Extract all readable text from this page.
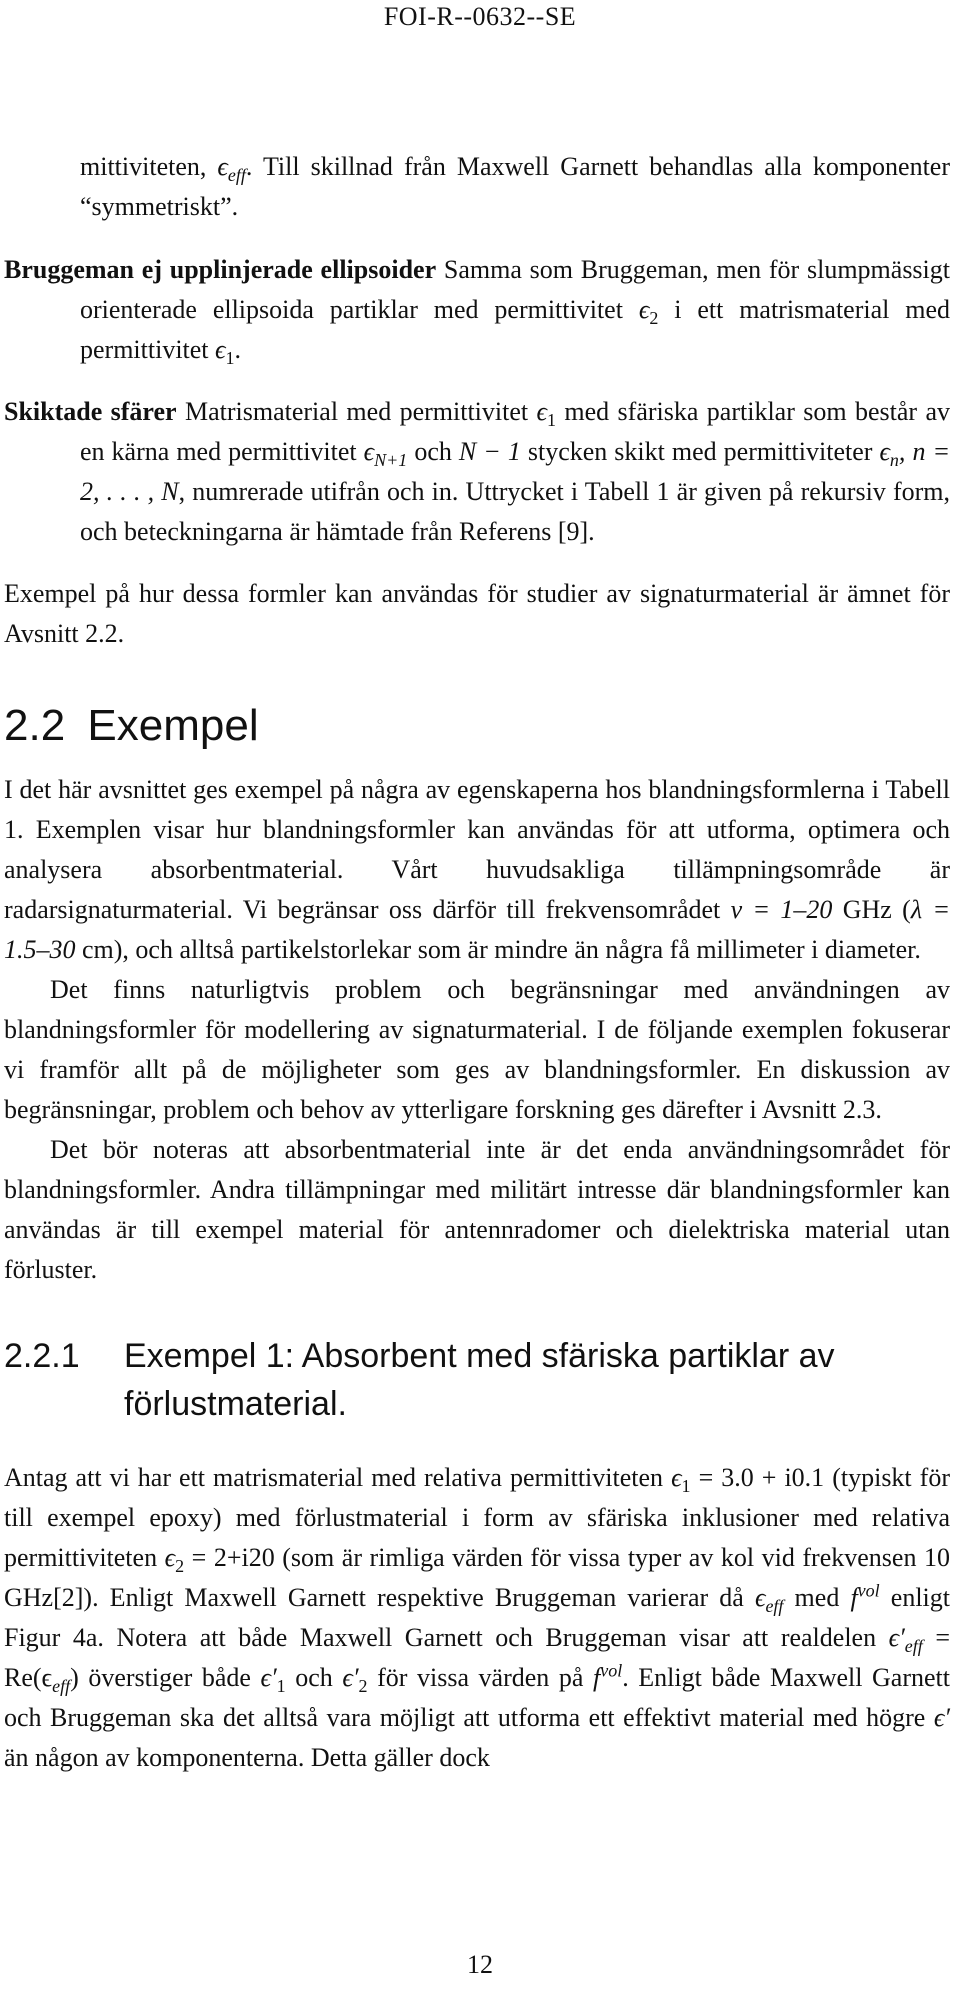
FOI-R--0632--SE

mittiviteten, $\epsilon_{eff}$. Till skillnad från Maxwell Garnett behandlas alla komponenter “symmetriskt”.

Bruggeman ej upplinjerade ellipsoider Samma som Bruggeman, men för slumpmässigt orienterade ellipsoida partiklar med permittivitet $\epsilon_2$ i ett matrismaterial med permittivitet $\epsilon_1$.

Skiktade sfärer Matrismaterial med permittivitet $\epsilon_1$ med sfäriska partiklar som består av en kärna med permittivitet $\epsilon_{N+1}$ och N − 1 stycken skikt med permittiviteter $\epsilon_n$, n = 2, . . . , N, numrerade utifrån och in. Uttrycket i Tabell 1 är given på rekursiv form, och beteckningarna är hämtade från Referens [9].

Exempel på hur dessa formler kan användas för studier av signaturmaterial är ämnet för Avsnitt 2.2.

2.2 Exempel

I det här avsnittet ges exempel på några av egenskaperna hos blandningsformlerna i Tabell 1. Exemplen visar hur blandningsformler kan användas för att utforma, optimera och analysera absorbentmaterial. Vårt huvudsakliga tillämpningsområde är radarsignaturmaterial. Vi begränsar oss därför till frekvensområdet ν = 1–20 GHz (λ = 1.5–30 cm), och alltså partikelstorlekar som är mindre än några få millimeter i diameter.

Det finns naturligtvis problem och begränsningar med användningen av blandningsformler för modellering av signaturmaterial. I de följande exemplen fokuserar vi framför allt på de möjligheter som ges av blandningsformler. En diskussion av begränsningar, problem och behov av ytterligare forskning ges därefter i Avsnitt 2.3.

Det bör noteras att absorbentmaterial inte är det enda användningsområdet för blandningsformler. Andra tillämpningar med militärt intresse där blandningsformler kan användas är till exempel material för antennradomer och dielektriska material utan förluster.

2.2.1 Exempel 1: Absorbent med sfäriska partiklar av förlustmaterial.

Antag att vi har ett matrismaterial med relativa permittiviteten $\epsilon_1 = 3.0 + i0.1$ (typiskt för till exempel epoxy) med förlustmaterial i form av sfäriska inklusioner med relativa permittiviteten $\epsilon_2 = 2+i20$ (som är rimliga värden för vissa typer av kol vid frekvensen 10 GHz[2]). Enligt Maxwell Garnett respektive Bruggeman varierar då $\epsilon_{eff}$ med $f^{vol}$ enligt Figur 4a. Notera att både Maxwell Garnett och Bruggeman visar att realdelen $\epsilon'_{eff} = Re(\epsilon_{eff})$ överstiger både $\epsilon'_1$ och $\epsilon'_2$ för vissa värden på $f^{vol}$. Enligt både Maxwell Garnett och Bruggeman ska det alltså vara möjligt att utforma ett effektivt material med högre ϵ′ än någon av komponenterna. Detta gäller dock

12
